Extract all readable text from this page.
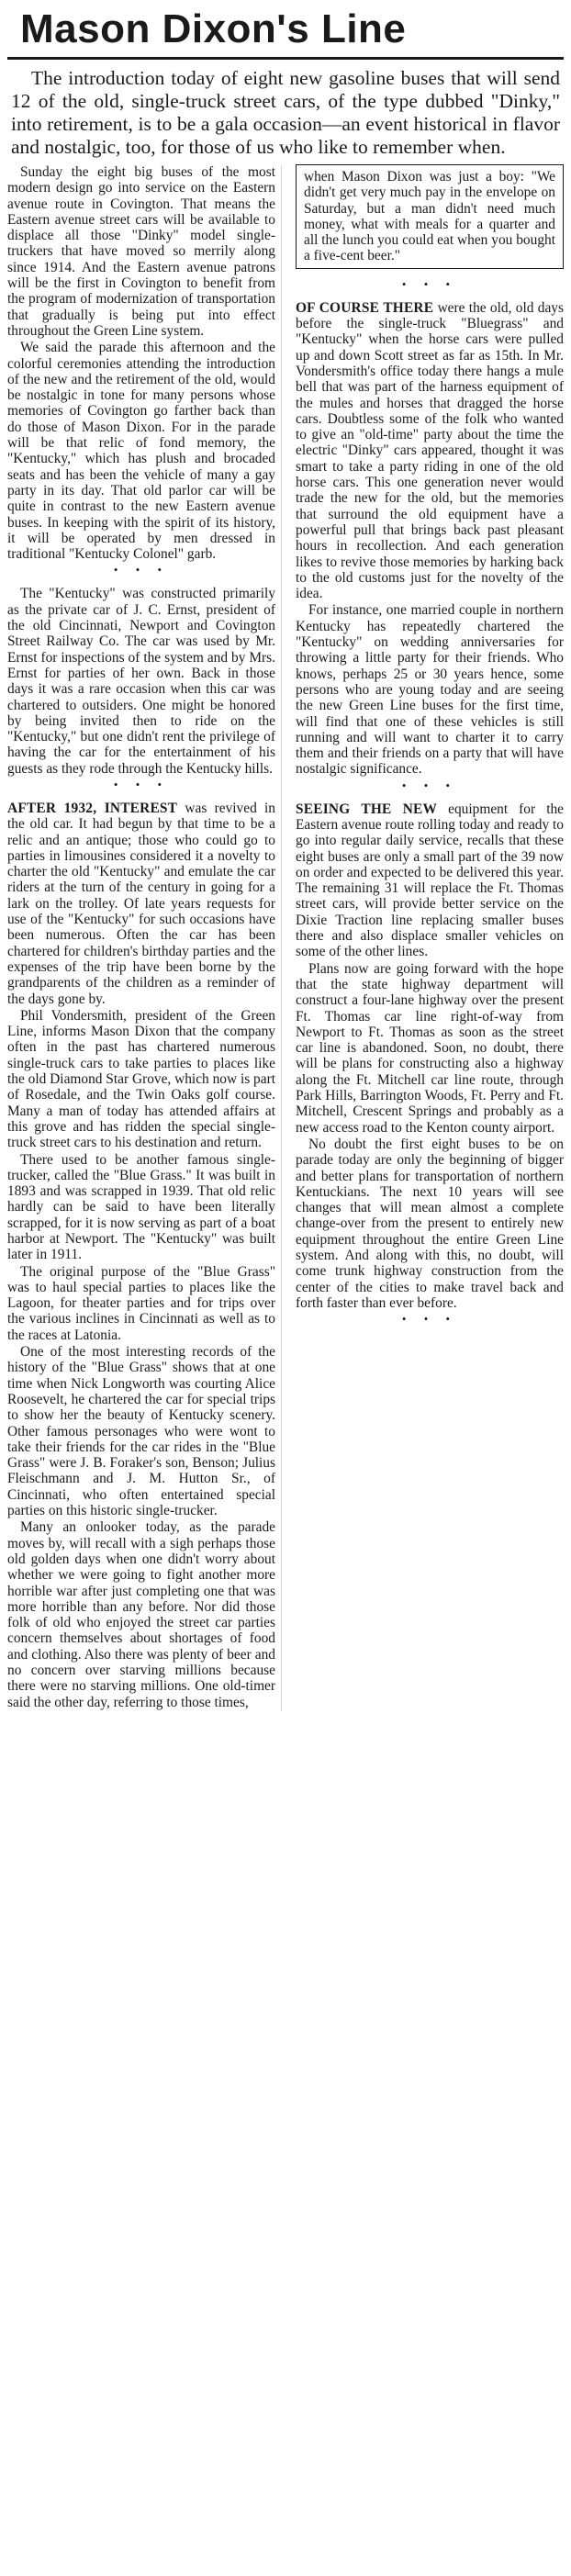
Mason Dixon's Line

The introduction today of eight new gasoline buses that will send 12 of the old, single-truck street cars, of the type dubbed "Dinky," into retirement, is to be a gala occasion—an event historical in flavor and nostalgic, too, for those of us who like to remember when.

Sunday the eight big buses of the most modern design go into service on the Eastern avenue route in Covington. That means the Eastern avenue street cars will be available to displace all those "Dinky" model single-truckers that have moved so merrily along since 1914. And the Eastern avenue patrons will be the first in Covington to benefit from the program of modernization of transportation that gradually is being put into effect throughout the Green Line system.

We said the parade this afternoon and the colorful ceremonies attending the introduction of the new and the retirement of the old, would be nostalgic in tone for many persons whose memories of Covington go farther back than do those of Mason Dixon. For in the parade will be that relic of fond memory, the "Kentucky," which has plush and brocaded seats and has been the vehicle of many a gay party in its day. That old parlor car will be quite in contrast to the new Eastern avenue buses. In keeping with the spirit of its history, it will be operated by men dressed in traditional "Kentucky Colonel" garb.

• • •

The "Kentucky" was constructed primarily as the private car of J. C. Ernst, president of the old Cincinnati, Newport and Covington Street Railway Co. The car was used by Mr. Ernst for inspections of the system and by Mrs. Ernst for parties of her own. Back in those days it was a rare occasion when this car was chartered to outsiders. One might be honored by being invited then to ride on the "Kentucky," but one didn't rent the privilege of having the car for the entertainment of his guests as they rode through the Kentucky hills.

• • •

AFTER 1932, INTEREST was revived in the old car. It had begun by that time to be a relic and an antique; those who could go to parties in limousines considered it a novelty to charter the old "Kentucky" and emulate the car riders at the turn of the century in going for a lark on the trolley. Of late years requests for use of the "Kentucky" for such occasions have been numerous. Often the car has been chartered for children's birthday parties and the expenses of the trip have been borne by the grandparents of the children as a reminder of the days gone by.

Phil Vondersmith, president of the Green Line, informs Mason Dixon that the company often in the past has chartered numerous single-truck cars to take parties to places like the old Diamond Star Grove, which now is part of Rosedale, and the Twin Oaks golf course. Many a man of today has attended affairs at this grove and has ridden the special single-truck street cars to his destination and return.

There used to be another famous single-trucker, called the "Blue Grass." It was built in 1893 and was scrapped in 1939. That old relic hardly can be said to have been literally scrapped, for it is now serving as part of a boat harbor at Newport. The "Kentucky" was built later in 1911.

The original purpose of the "Blue Grass" was to haul special parties to places like the Lagoon, for theater parties and for trips over the various inclines in Cincinnati as well as to the races at Latonia.

One of the most interesting records of the history of the "Blue Grass" shows that at one time when Nick Longworth was courting Alice Roosevelt, he chartered the car for special trips to show her the beauty of Kentucky scenery. Other famous personages who were wont to take their friends for the car rides in the "Blue Grass" were J. B. Foraker's son, Benson; Julius Fleischmann and J. M. Hutton Sr., of Cincinnati, who often entertained special parties on this historic single-trucker.

Many an onlooker today, as the parade moves by, will recall with a sigh perhaps those old golden days when one didn't worry about whether we were going to fight another more horrible war after just completing one that was more horrible than any before. Nor did those folk of old who enjoyed the street car parties concern themselves about shortages of food and clothing. Also there was plenty of beer and no concern over starving millions because there were no starving millions. One old-timer said the other day, referring to those times,

when Mason Dixon was just a boy: "We didn't get very much pay in the envelope on Saturday, but a man didn't need much money, what with meals for a quarter and all the lunch you could eat when you bought a five-cent beer."

• • •

OF COURSE THERE were the old, old days before the single-truck "Bluegrass" and "Kentucky" when the horse cars were pulled up and down Scott street as far as 15th. In Mr. Vondersmith's office today there hangs a mule bell that was part of the harness equipment of the mules and horses that dragged the horse cars. Doubtless some of the folk who wanted to give an "old-time" party about the time the electric "Dinky" cars appeared, thought it was smart to take a party riding in one of the old horse cars. This one generation never would trade the new for the old, but the memories that surround the old equipment have a powerful pull that brings back past pleasant hours in recollection. And each generation likes to revive those memories by harking back to the old customs just for the novelty of the idea.

For instance, one married couple in northern Kentucky has repeatedly chartered the "Kentucky" on wedding anniversaries for throwing a little party for their friends. Who knows, perhaps 25 or 30 years hence, some persons who are young today and are seeing the new Green Line buses for the first time, will find that one of these vehicles is still running and will want to charter it to carry them and their friends on a party that will have nostalgic significance.

• • •

SEEING THE NEW equipment for the Eastern avenue route rolling today and ready to go into regular daily service, recalls that these eight buses are only a small part of the 39 now on order and expected to be delivered this year. The remaining 31 will replace the Ft. Thomas street cars, will provide better service on the Dixie Traction line replacing smaller buses there and also displace smaller vehicles on some of the other lines.

Plans now are going forward with the hope that the state highway department will construct a four-lane highway over the present Ft. Thomas car line right-of-way from Newport to Ft. Thomas as soon as the street car line is abandoned. Soon, no doubt, there will be plans for constructing also a highway along the Ft. Mitchell car line route, through Park Hills, Barrington Woods, Ft. Perry and Ft. Mitchell, Crescent Springs and probably as a new access road to the Kenton county airport.

No doubt the first eight buses to be on parade today are only the beginning of bigger and better plans for transportation of northern Kentuckians. The next 10 years will see changes that will mean almost a complete change-over from the present to entirely new equipment throughout the entire Green Line system. And along with this, no doubt, will come trunk highway construction from the center of the cities to make travel back and forth faster than ever before.

• • •
